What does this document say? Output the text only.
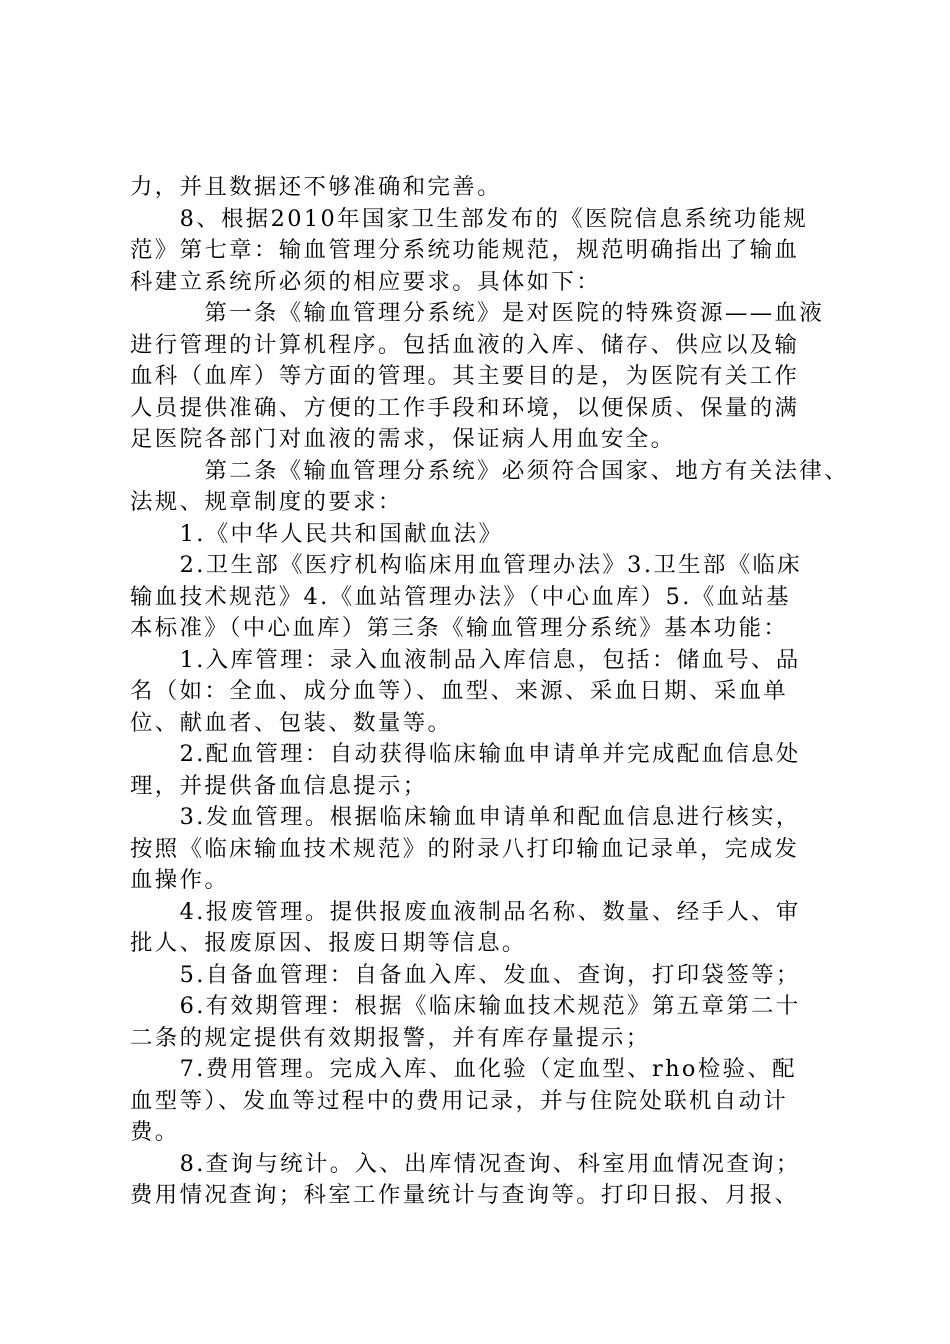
力，并且数据还不够准确和完善。
　　8、根据2010年国家卫生部发布的《医院信息系统功能规
范》第七章：输血管理分系统功能规范，规范明确指出了输血
科建立系统所必须的相应要求。具体如下：
　　　第一条《输血管理分系统》是对医院的特殊资源——血液
进行管理的计算机程序。包括血液的入库、储存、供应以及输
血科（血库）等方面的管理。其主要目的是，为医院有关工作
人员提供准确、方便的工作手段和环境，以便保质、保量的满
足医院各部门对血液的需求，保证病人用血安全。
　　　第二条《输血管理分系统》必须符合国家、地方有关法律、
法规、规章制度的要求：
　　1.《中华人民共和国献血法》
　　2.卫生部《医疗机构临床用血管理办法》3.卫生部《临床
输血技术规范》4.《血站管理办法》（中心血库）5.《血站基
本标准》（中心血库）第三条《输血管理分系统》基本功能：
　　1.入库管理：录入血液制品入库信息，包括：储血号、品
名（如：全血、成分血等）、血型、来源、采血日期、采血单
位、献血者、包装、数量等。
　　2.配血管理：自动获得临床输血申请单并完成配血信息处
理，并提供备血信息提示；
　　3.发血管理。根据临床输血申请单和配血信息进行核实，
按照《临床输血技术规范》的附录八打印输血记录单，完成发
血操作。
　　4.报废管理。提供报废血液制品名称、数量、经手人、审
批人、报废原因、报废日期等信息。
　　5.自备血管理：自备血入库、发血、查询，打印袋签等；
　　6.有效期管理：根据《临床输血技术规范》第五章第二十
二条的规定提供有效期报警，并有库存量提示；
　　7.费用管理。完成入库、血化验（定血型、rho检验、配
血型等）、发血等过程中的费用记录，并与住院处联机自动计
费。
　　8.查询与统计。入、出库情况查询、科室用血情况查询；
费用情况查询；科室工作量统计与查询等。打印日报、月报、
